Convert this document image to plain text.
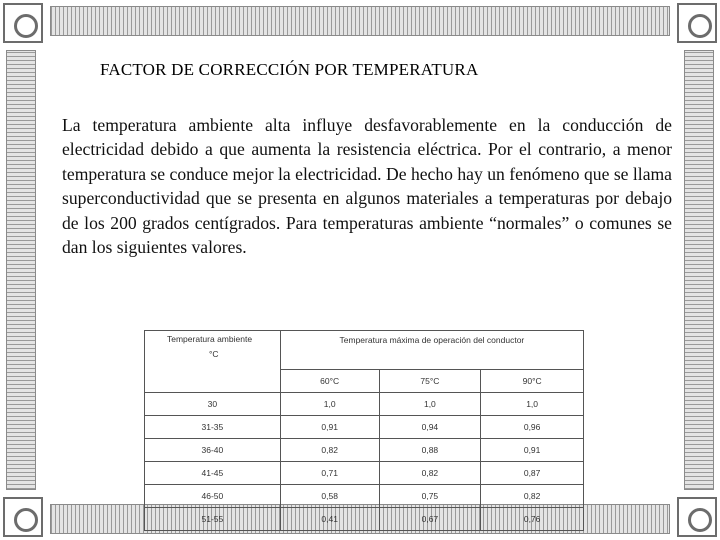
FACTOR DE CORRECCIÓN POR TEMPERATURA

La temperatura ambiente alta influye desfavorablemente en la conducción de electricidad debido a que aumenta la resistencia eléctrica. Por el contrario, a menor temperatura se conduce mejor la electricidad. De hecho hay un fenómeno que se llama superconductividad que se presenta en algunos materiales a temperaturas por debajo de los 200 grados centígrados. Para temperaturas ambiente “normales” o comunes se dan los siguientes valores.

Temperatura ambiente
°C	Temperatura máxima de operación del conductor		
	60°C	75°C	90°C
30	1,0	1,0	1,0
31-35	0,91	0,94	0,96
36-40	0,82	0,88	0,91
41-45	0,71	0,82	0,87
46-50	0,58	0,75	0,82
51-55	0,41	0,67	0,76
